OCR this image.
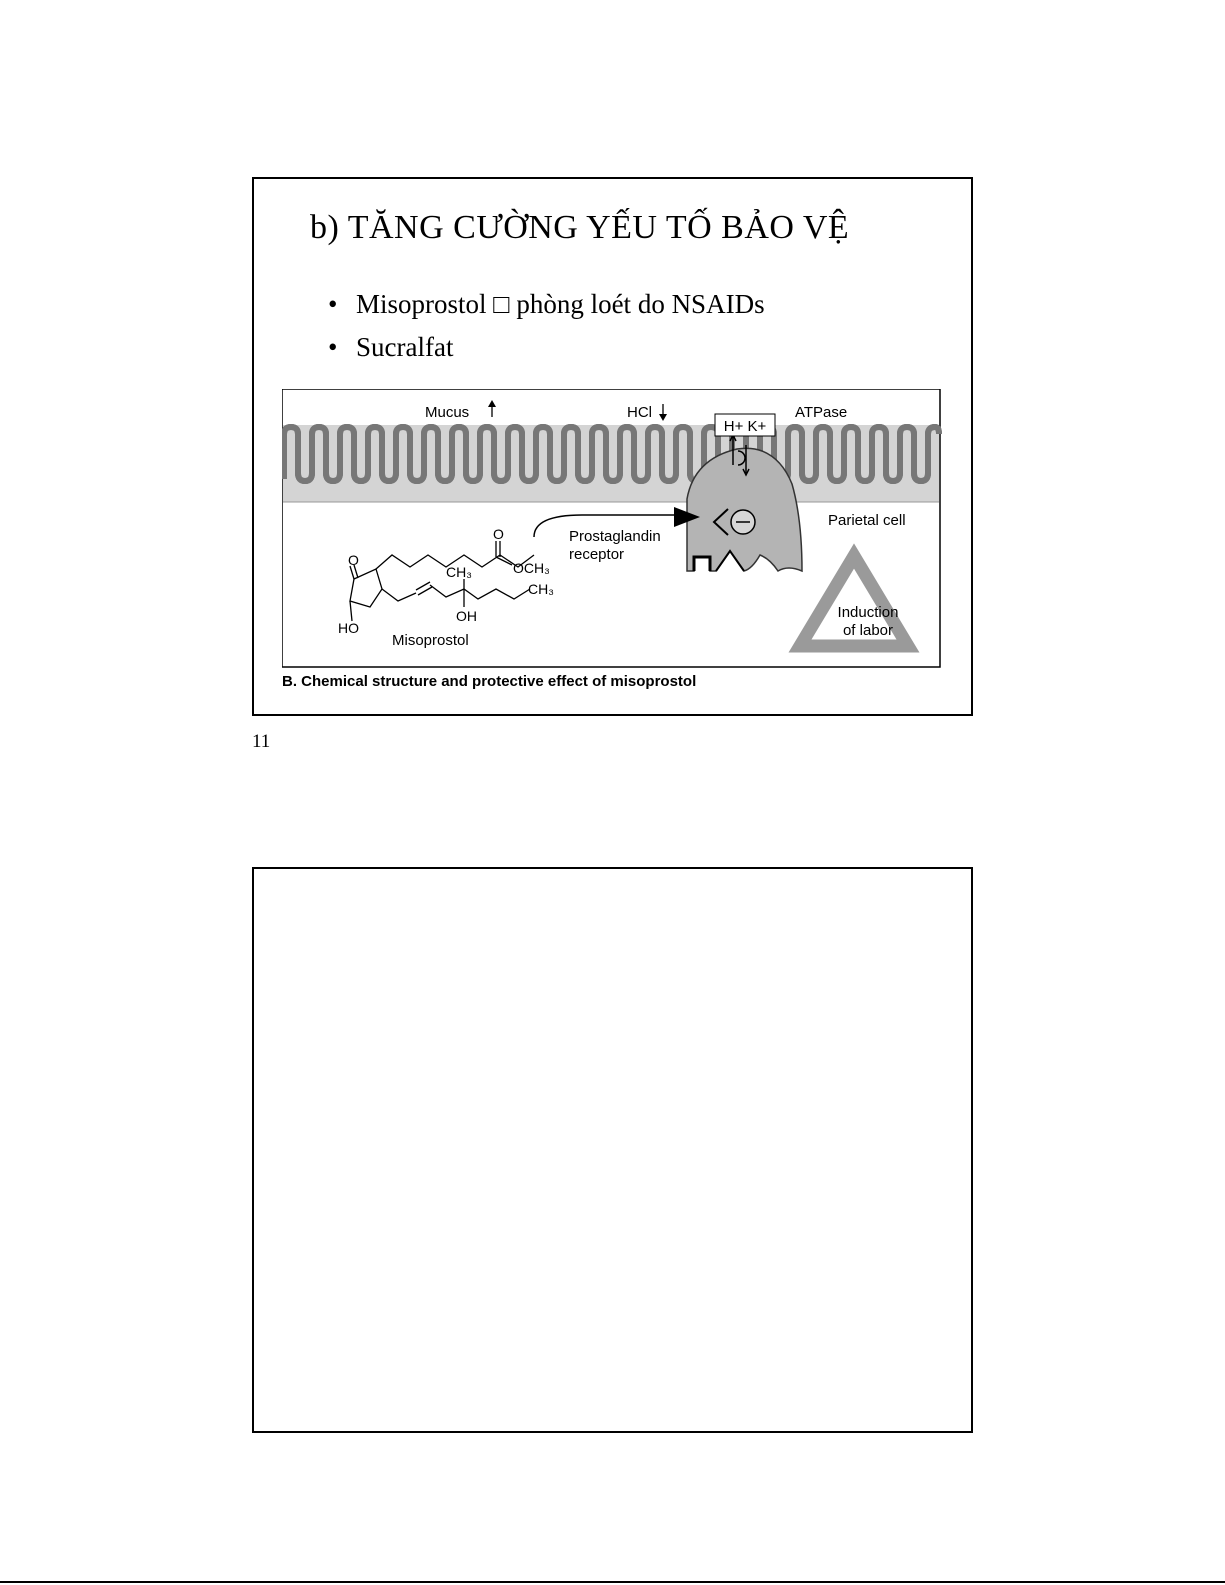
b) TĂNG CƯỜNG YẾU TỐ BẢO VỆ
• Misoprostol □ phòng loét do NSAIDs
• Sucralfat
H+ K+
ATPase
Mucus	HCl
Parietal cell
Prostaglandin
receptor
Induction
of labor
O
O
OCH₃
CH₃
CH₃
OH
HO
Misoprostol
B. Chemical structure and protective effect of misoprostol
11
